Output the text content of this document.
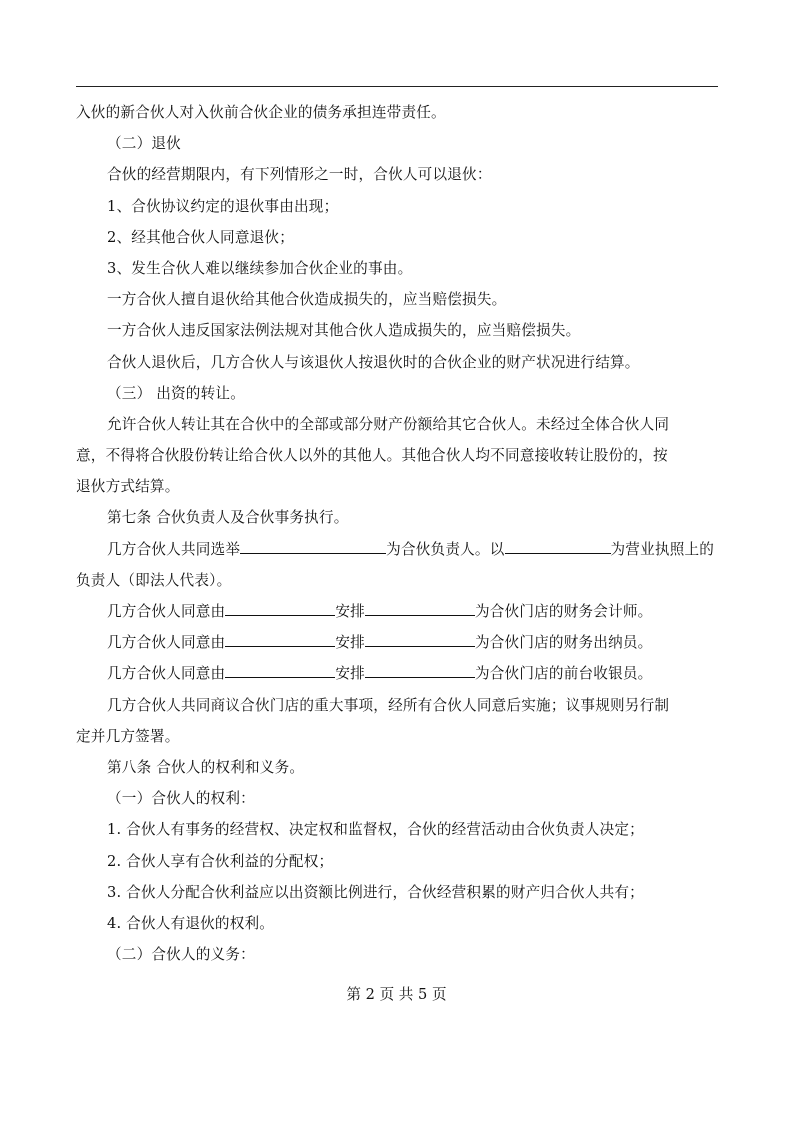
入伙的新合伙人对入伙前合伙企业的债务承担连带责任。
（二）退伙
合伙的经营期限内，有下列情形之一时，合伙人可以退伙：
1、合伙协议约定的退伙事由出现；
2、经其他合伙人同意退伙；
3、发生合伙人难以继续参加合伙企业的事由。
一方合伙人擅自退伙给其他合伙造成损失的，应当赔偿损失。
一方合伙人违反国家法例法规对其他合伙人造成损失的，应当赔偿损失。
合伙人退伙后，几方合伙人与该退伙人按退伙时的合伙企业的财产状况进行结算。
（三） 出资的转让。
允许合伙人转让其在合伙中的全部或部分财产份额给其它合伙人。未经过全体合伙人同
意，不得将合伙股份转让给合伙人以外的其他人。其他合伙人均不同意接收转让股份的，按
退伙方式结算。
第七条 合伙负责人及合伙事务执行。
几方合伙人共同选举	为合伙负责人。以	为营业执照上的
负责人（即法人代表）。
几方合伙人同意由	安排	为合伙门店的财务会计师。
几方合伙人同意由	安排	为合伙门店的财务出纳员。
几方合伙人同意由	安排	为合伙门店的前台收银员。
几方合伙人共同商议合伙门店的重大事项，经所有合伙人同意后实施；议事规则另行制
定并几方签署。
第八条 合伙人的权利和义务。
（一）合伙人的权利：
1. 合伙人有事务的经营权、决定权和监督权，合伙的经营活动由合伙负责人决定；
2. 合伙人享有合伙利益的分配权；
3. 合伙人分配合伙利益应以出资额比例进行，合伙经营积累的财产归合伙人共有；
4. 合伙人有退伙的权利。
（二）合伙人的义务：
第 2 页 共 5 页
